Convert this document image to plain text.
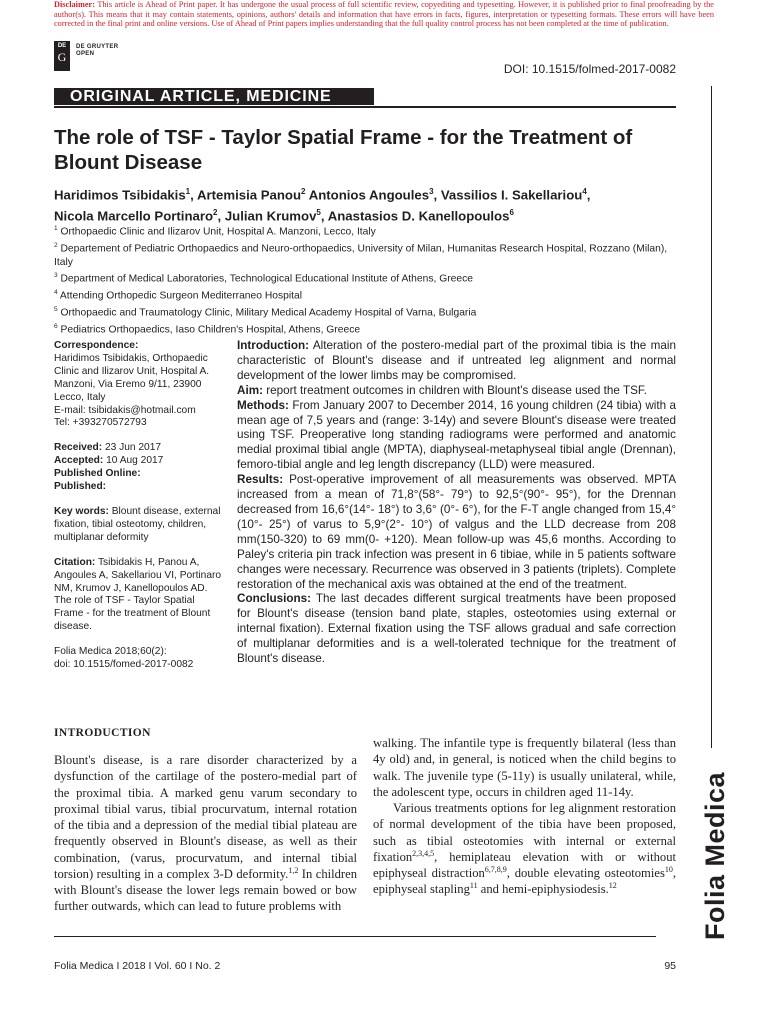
Disclaimer: This article is Ahead of Print paper. It has undergone the usual process of full scientific review, copyediting and typesetting. However, it is published prior to final proofreading by the author(s). This means that it may contain statements, opinions, authors' details and information that have errors in facts, figures, interpretation or typesetting formats. These errors will have been corrected in the final print and online versions. Use of Ahead of Print papers implies understanding that the full quality control process has not been completed at the time of publication.

DE
G
DE GRUYTER
OPEN
DOI: 10.1515/folmed-2017-0082
ORIGINAL ARTICLE, MEDICINE
The role of TSF - Taylor Spatial Frame - for the Treatment of Blount Disease

Haridimos Tsibidakis$^1$, Artemisia Panou$^2$ Antonios Angoules$^3$, Vassilios I. Sakellariou$^4$,
Nicola Marcello Portinaro$^2$, Julian Krumov$^5$, Anastasios D. Kanellopoulos$^6$

$^1$ Orthopaedic Clinic and Ilizarov Unit, Hospital A. Manzoni, Lecco, Italy
$^2$ Departement of Pediatric Orthopaedics and Neuro-orthopaedics, University of Milan, Humanitas Research Hospital, Rozzano (Milan), Italy
$^3$ Department of Medical Laboratories, Technological Educational Institute of Athens, Greece
$^4$ Attending Orthopedic Surgeon Mediterraneo Hospital
$^5$ Orthopaedic and Traumatology Clinic, Military Medical Academy Hospital of Varna, Bulgaria
$^6$ Pediatrics Orthopaedics, Iaso Children's Hospital, Athens, Greece

Correspondence:

Haridimos Tsibidakis, Orthopaedic Clinic and Ilizarov Unit, Hospital A. Manzoni, Via Eremo 9/11, 23900 Lecco, Italy

E-mail: tsibidakis@hotmail.com

Tel: +393270572793

Received: 23 Jun 2017

Accepted: 10 Aug 2017

Published Online:

Published:

Key words: Blount disease, external fixation, tibial osteotomy, children, multiplanar deformity

Citation: Tsibidakis H, Panou A, Angoules A, Sakellariou VI, Portinaro NM, Krumov J, Kanellopoulos AD. The role of TSF - Taylor Spatial Frame - for the treatment of Blount disease.

Folia Medica 2018;60(2):

doi: 10.1515/fomed-2017-0082

Introduction: Alteration of the postero-medial part of the proximal tibia is the main characteristic of Blount's disease and if untreated leg alignment and normal development of the lower limbs may be compromised.

Aim: report treatment outcomes in children with Blount's disease used the TSF.

Methods: From January 2007 to December 2014, 16 young children (24 tibia) with a mean age of 7,5 years and (range: 3-14y) and severe Blount's disease were treated using TSF. Preoperative long standing radiograms were performed and anatomic medial proximal tibial angle (MPTA), diaphyseal-metaphyseal tibial angle (Drennan), femoro-tibial angle and leg length discrepancy (LLD) were measured.

Results: Post-operative improvement of all measurements was observed. MPTA increased from a mean of 71,8°(58°- 79°) to 92,5°(90°- 95°), for the Drennan decreased from 16,6°(14°- 18°) to 3,6° (0°- 6°), for the F-T angle changed from 15,4°(10°- 25°) of varus to 5,9°(2°- 10°) of valgus and the LLD decrease from 208 mm(150-320) to 69 mm(0- +120). Mean follow-up was 45,6 months. According to Paley's criteria pin track infection was present in 6 tibiae, while in 5 patients software changes were necessary. Recurrence was observed in 3 patients (triplets). Complete restoration of the mechanical axis was obtained at the end of the treatment.

Conclusions: The last decades different surgical treatments have been proposed for Blount's disease (tension band plate, staples, osteotomies using external or internal fixation). External fixation using the TSF allows gradual and safe correction of multiplanar deformities and is a well-tolerated technique for the treatment of Blount's disease.

INTRODUCTION

Blount's disease, is a rare disorder characterized by a dysfunction of the cartilage of the postero-medial part of the proximal tibia. A marked genu varum secondary to proximal tibial varus, tibial procurvatum, internal rotation of the tibia and a depression of the medial tibial plateau are frequently observed in Blount's disease, as well as their combination, (varus, procurvatum, and internal tibial torsion) resulting in a complex 3-D deformity.$^{1,2}$ In children with Blount's disease the lower legs remain bowed or bow further outwards, which can lead to future problems with

walking. The infantile type is frequently bilateral (less than 4y old) and, in general, is noticed when the child begins to walk. The juvenile type (5-11y) is usually unilateral, while, the adolescent type, occurs in children aged 11-14y.

Various treatments options for leg alignment restoration of normal development of the tibia have been proposed, such as tibial osteotomies with internal or external fixation$^{2,3,4,5}$, hemiplateau elevation with or without epiphyseal distraction$^{6,7,8,9}$, double elevating osteotomies$^{10}$, epiphyseal stapling$^{11}$ and hemi-epiphysiodesis.$^{12}$

Folia Medica I 2018 I Vol. 60 I No. 2	95
Folia Medica
